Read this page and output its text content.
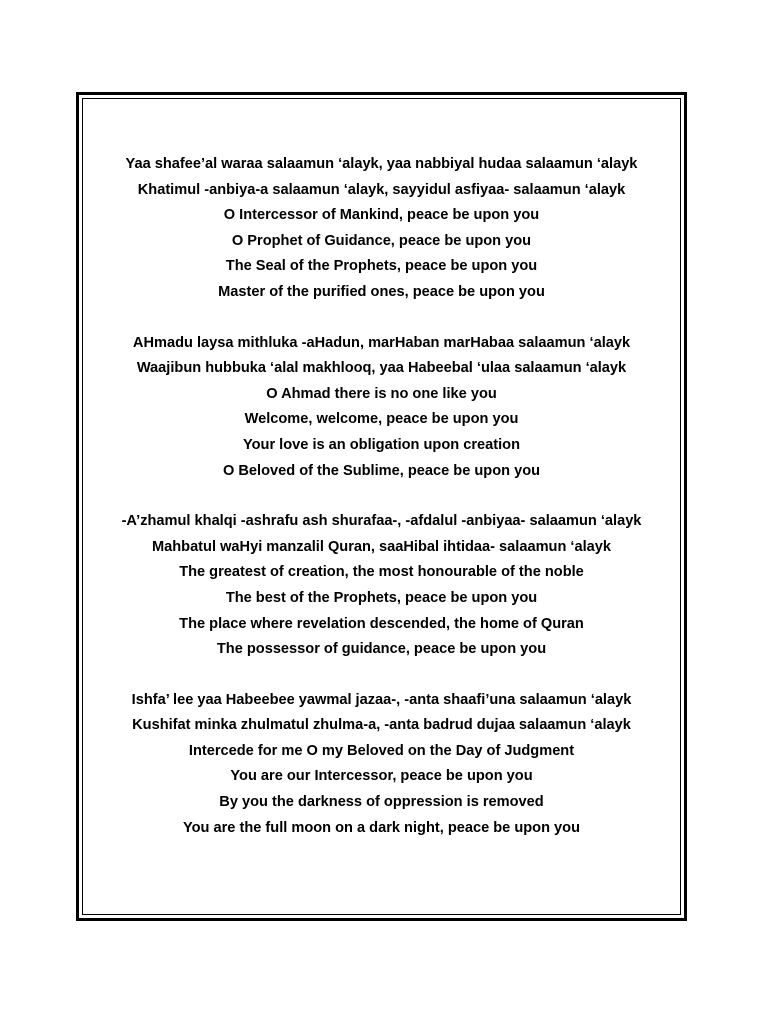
Yaa shafee’al waraa salaamun ‘alayk, yaa nabbiyal hudaa salaamun ‘alayk
Khatimul -anbiya-a salaamun ‘alayk, sayyidul asfiyaa- salaamun ‘alayk
O Intercessor of Mankind, peace be upon you
O Prophet of Guidance, peace be upon you
The Seal of the Prophets, peace be upon you
Master of the purified ones, peace be upon you
AHmadu laysa mithluka -aHadun, marHaban marHabaa salaamun ‘alayk
Waajibun hubbuka ‘alal makhlooq, yaa Habeebal ‘ulaa salaamun ‘alayk
O Ahmad there is no one like you
Welcome, welcome, peace be upon you
Your love is an obligation upon creation
O Beloved of the Sublime, peace be upon you
-A’zhamul khalqi -ashrafu ash shurafaa-, -afdalul -anbiyaa- salaamun ‘alayk
Mahbatul waHyi manzalil Quran, saaHibal ihtidaa- salaamun ‘alayk
The greatest of creation, the most honourable of the noble
The best of the Prophets, peace be upon you
The place where revelation descended, the home of Quran
The possessor of guidance, peace be upon you
Ishfa’ lee yaa Habeebee yawmal jazaa-, -anta shaafi’una salaamun ‘alayk
Kushifat minka zhulmatul zhulma-a, -anta badrud dujaa salaamun ‘alayk
Intercede for me O my Beloved on the Day of Judgment
You are our Intercessor, peace be upon you
By you the darkness of oppression is removed
You are the full moon on a dark night, peace be upon you
